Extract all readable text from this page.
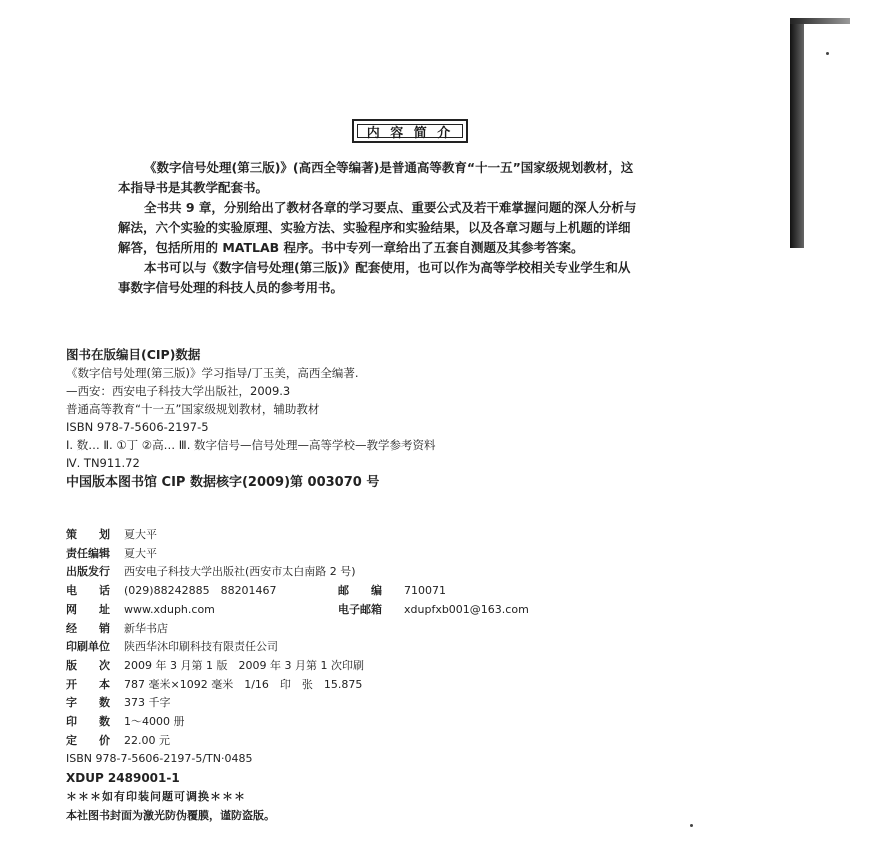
内 容 简 介
《数字信号处理(第三版)》(高西全等编著)是普通高等教育“十一五”国家级规划教材，这
本指导书是其教学配套书。
全书共 9 章，分别给出了教材各章的学习要点、重要公式及若干难掌握问题的深人分析与
解法，六个实验的实验原理、实验方法、实验程序和实验结果，以及各章习题与上机题的详细
解答，包括所用的 MATLAB 程序。书中专列一章给出了五套自测题及其参考答案。
本书可以与《数字信号处理(第三版)》配套使用，也可以作为高等学校相关专业学生和从
事数字信号处理的科技人员的参考用书。
图书在版编目(CIP)数据
《数字信号处理(第三版)》学习指导/丁玉美，高西全编著.
—西安：西安电子科技大学出版社，2009.3
普通高等教育“十一五”国家级规划教材，辅助教材
ISBN 978-7-5606-2197-5
Ⅰ. 数… Ⅱ. ①丁 ②高… Ⅲ. 数字信号—信号处理—高等学校—教学参考资料
Ⅳ. TN911.72
中国版本图书馆 CIP 数据核字(2009)第 003070 号
策　　划	夏大平
责任编辑	夏大平
出版发行	西安电子科技大学出版社(西安市太白南路 2 号)
电　　话	(029)88242885　88201467	邮　　编	710071
网　　址	www.xduph.com	电子邮箱	xdupfxb001@163.com
经　　销	新华书店
印刷单位	陕西华沐印刷科技有限责任公司
版　　次	2009 年 3 月第 1 版　2009 年 3 月第 1 次印刷
开　　本	787 毫米×1092 毫米　1/16　印　张　15.875
字　　数	373 千字
印　　数	1～4000 册
定　　价	22.00 元
ISBN 978-7-5606-2197-5/TN·0485
XDUP 2489001-1
＊＊＊如有印装问题可调换＊＊＊
本社图书封面为激光防伪覆膜，谨防盗版。
